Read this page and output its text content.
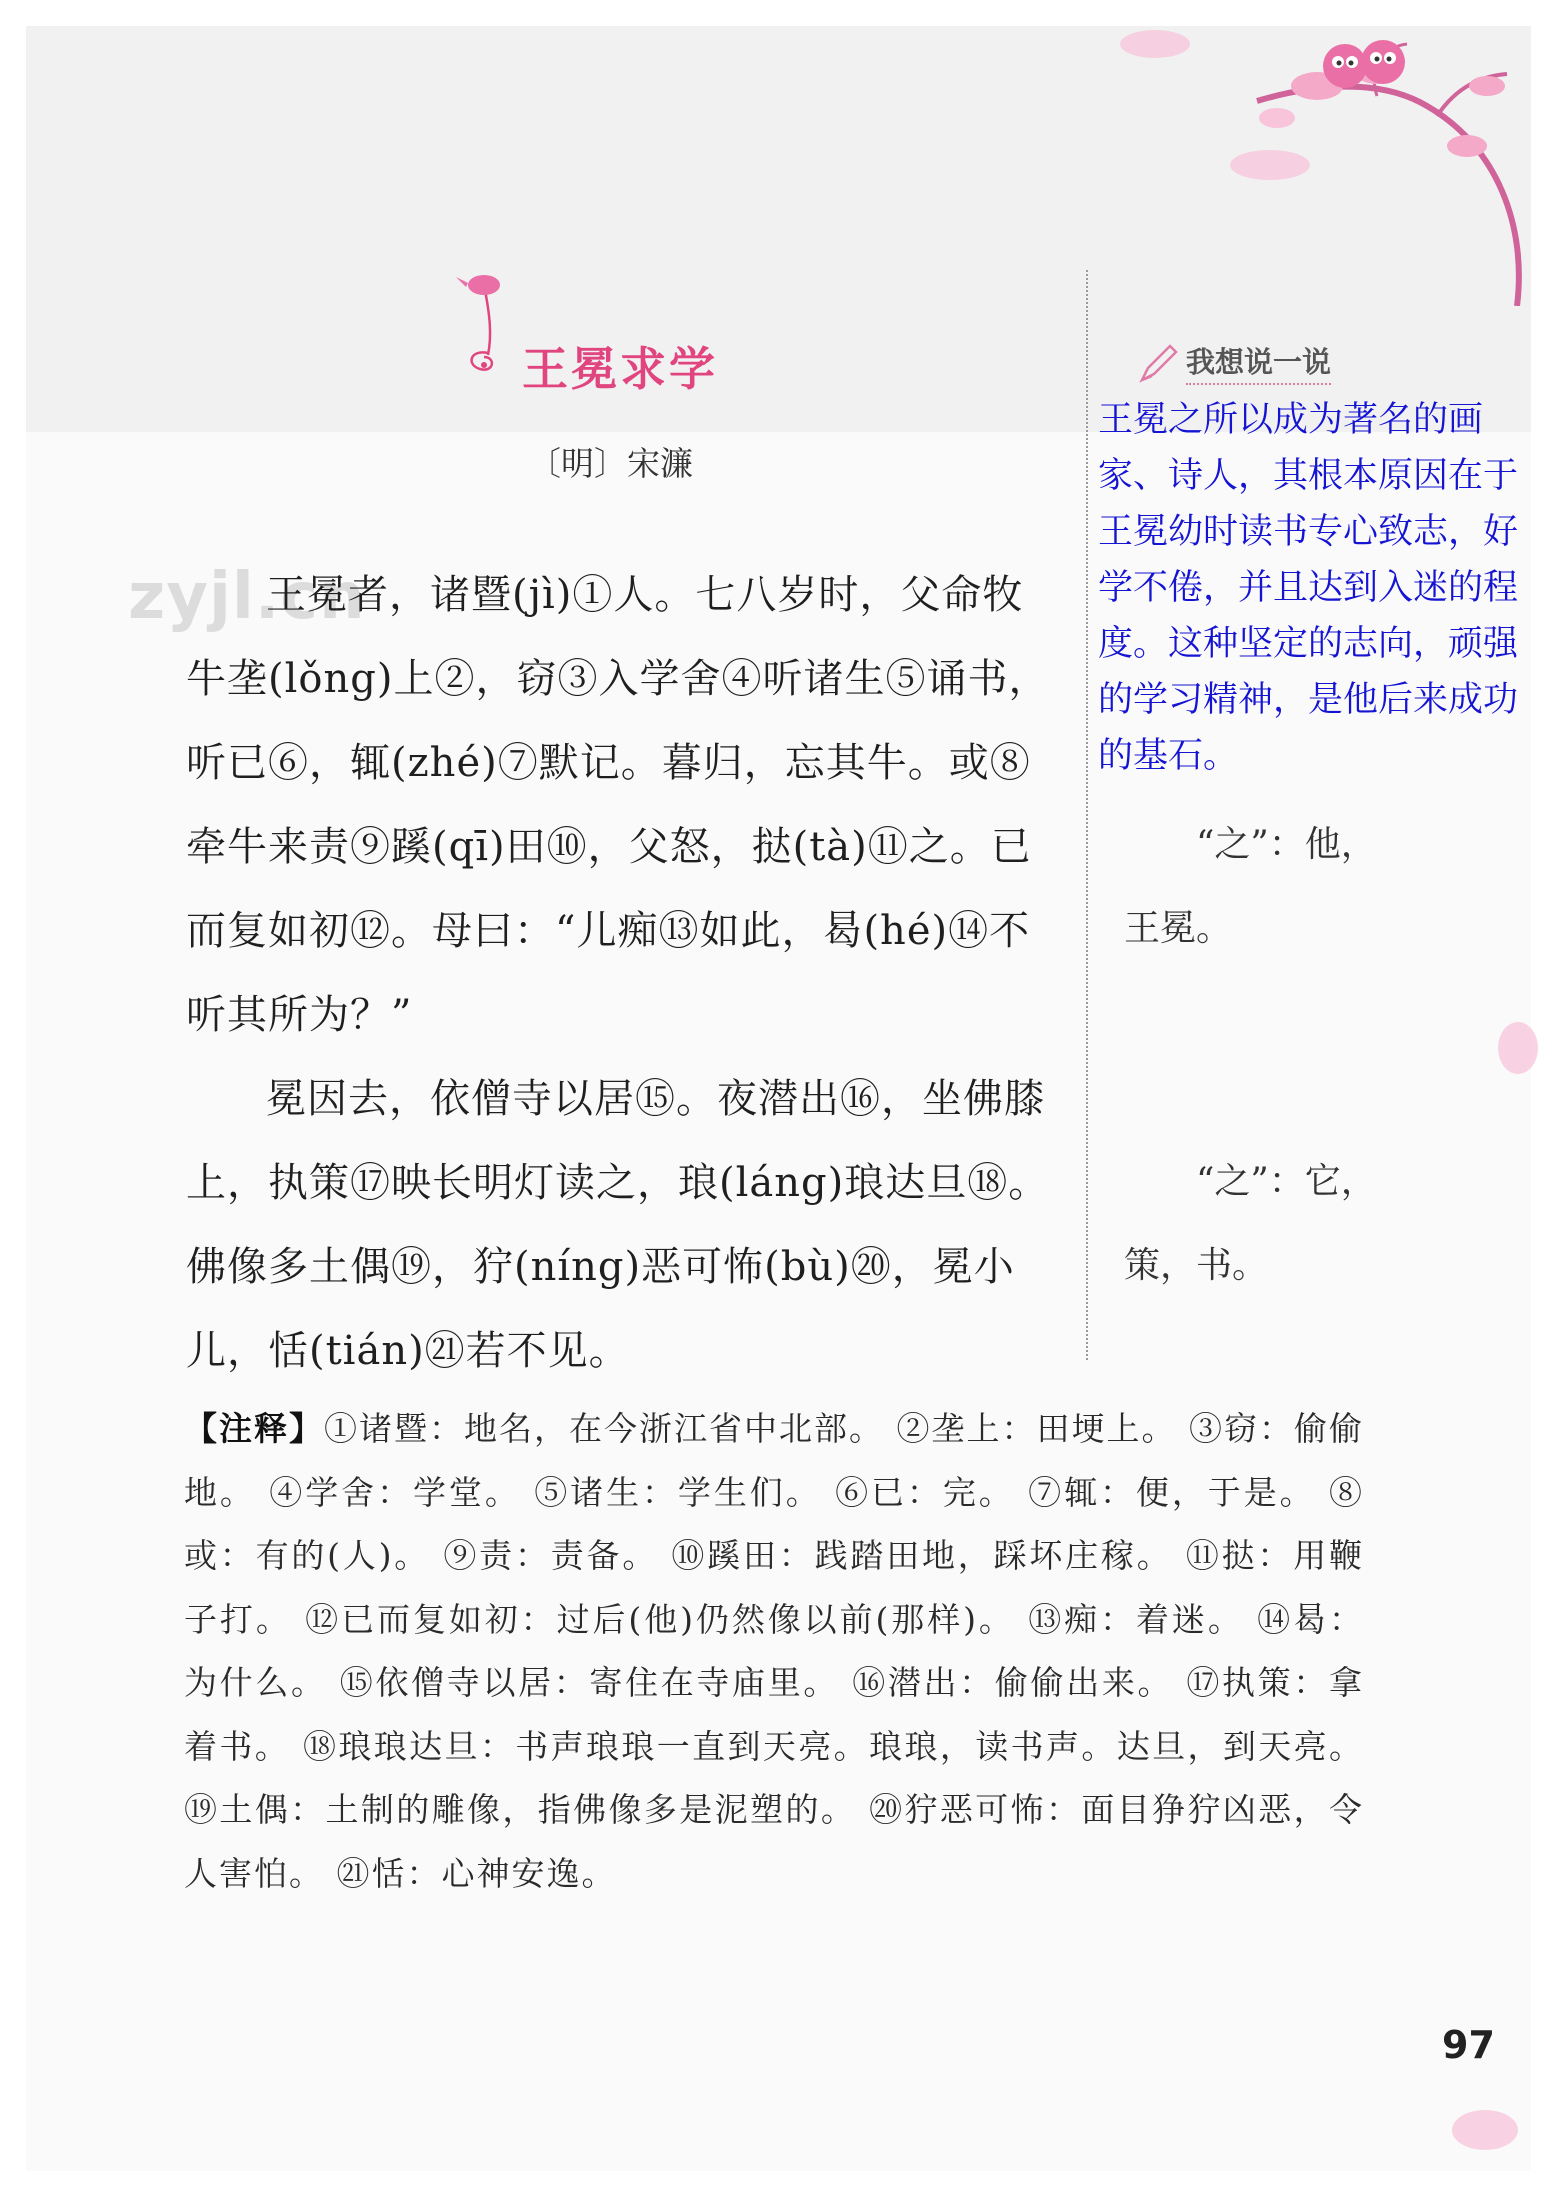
王冕求学
〔明〕宋濂
zyjl.cn

王冕者，诸暨(jì)①人。七八岁时，父命牧牛垄(lǒng)上②，窃③入学舍④听诸生⑤诵书，听已⑥，辄(zhé)⑦默记。暮归，忘其牛。或⑧牵牛来责⑨蹊(qī)田⑩，父怒，挞(tà)⑪之。已而复如初⑫。母曰：“儿痴⑬如此，曷(hé)⑭不听其所为？”

冕因去，依僧寺以居⑮。夜潜出⑯，坐佛膝上，执策⑰映长明灯读之，琅(láng)琅达旦⑱。佛像多土偶⑲，狞(níng)恶可怖(bù)⑳，冕小儿，恬(tián)㉑若不见。

我想说一说
王冕之所以成为著名的画家、诗人，其根本原因在于王冕幼时读书专心致志，好学不倦，并且达到入迷的程度。这种坚定的志向，顽强的学习精神，是他后来成功的基石。
“之”：他，
王冕。
“之”：它，
策，书。
【注释】①诸暨：地名，在今浙江省中北部。 ②垄上：田埂上。 ③窃：偷偷地。 ④学舍：学堂。 ⑤诸生：学生们。 ⑥已：完。 ⑦辄：便，于是。 ⑧或：有的(人)。 ⑨责：责备。 ⑩蹊田：践踏田地，踩坏庄稼。 ⑪挞：用鞭子打。 ⑫已而复如初：过后(他)仍然像以前(那样)。 ⑬痴：着迷。 ⑭曷：为什么。 ⑮依僧寺以居：寄住在寺庙里。 ⑯潜出：偷偷出来。 ⑰执策：拿着书。 ⑱琅琅达旦：书声琅琅一直到天亮。琅琅，读书声。达旦，到天亮。 ⑲土偶：土制的雕像，指佛像多是泥塑的。 ⑳狞恶可怖：面目狰狞凶恶，令人害怕。 ㉑恬：心神安逸。
97
